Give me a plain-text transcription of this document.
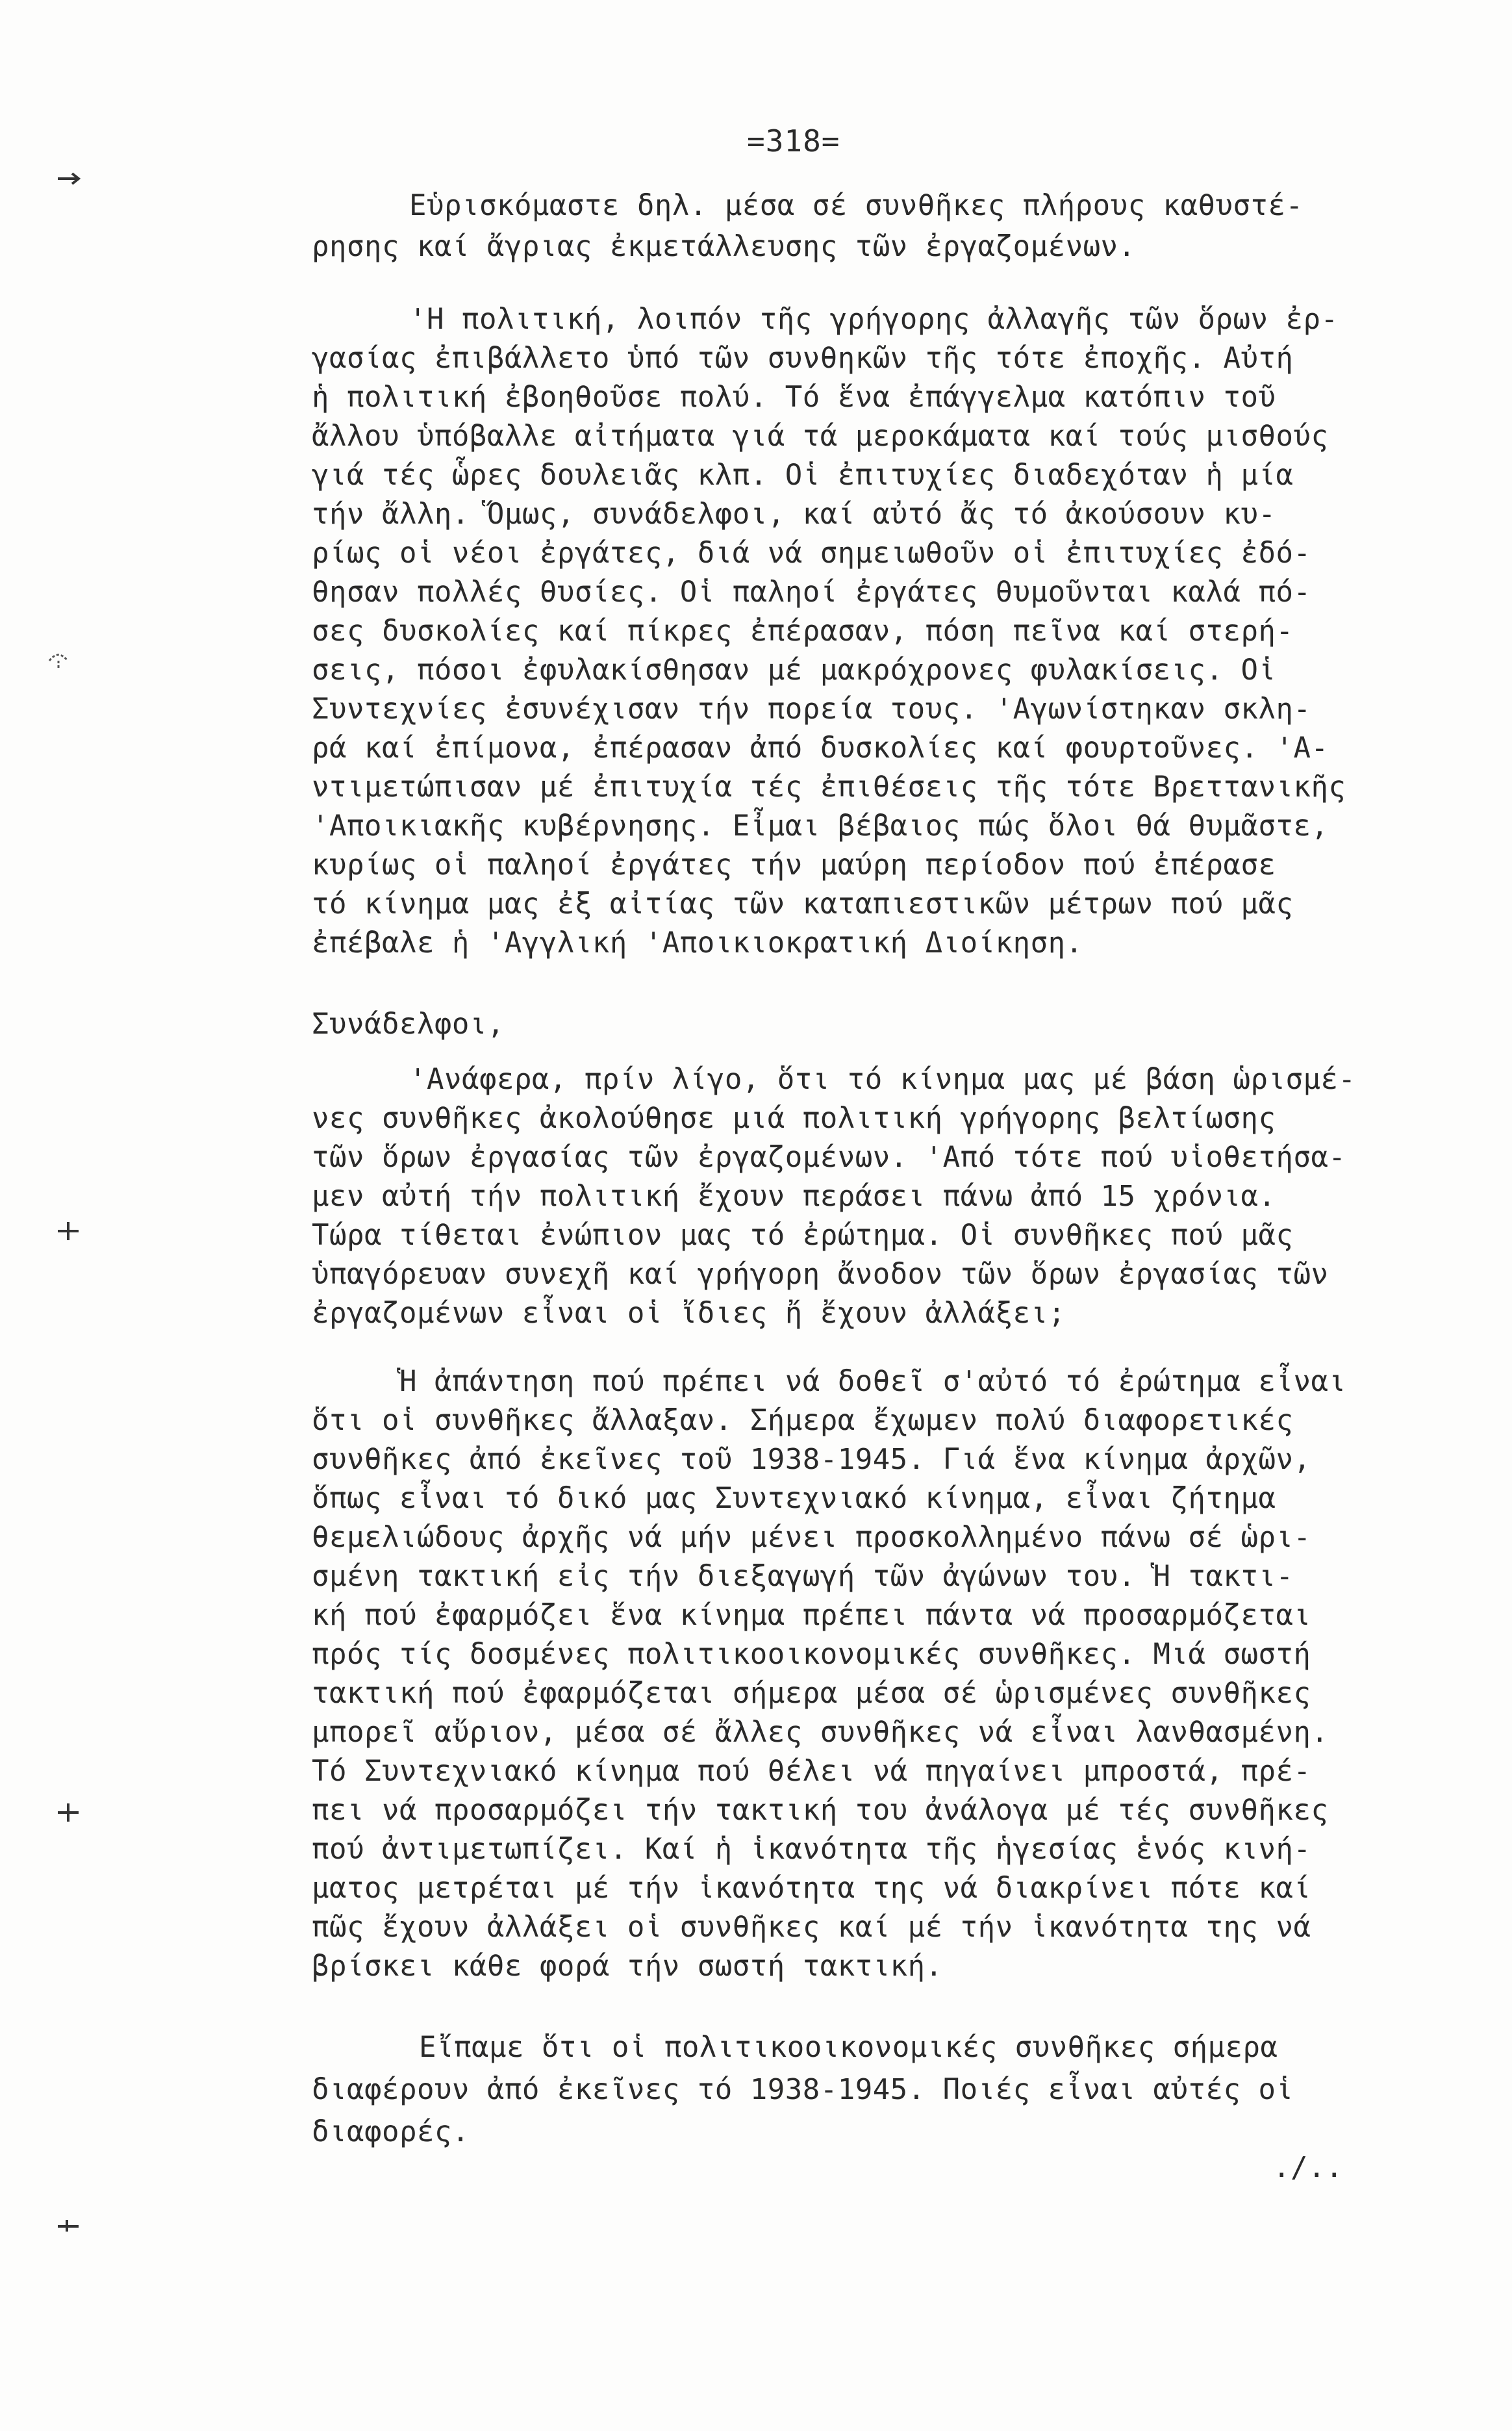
=318=
Εὑρισκόμαστε δηλ. μέσα σέ συνθῆκες πλήρους καθυστέ-
ρησης καί ἄγριας ἐκμετάλλευσης τῶν ἐργαζομένων.
'Η πολιτική, λοιπόν τῆς γρήγορης ἀλλαγῆς τῶν ὅρων ἐρ-
γασίας ἐπιβάλλετο ὑπό τῶν συνθηκῶν τῆς τότε ἐποχῆς. Αὐτή
ἡ πολιτική ἐβοηθοῦσε πολύ. Τό ἕνα ἐπάγγελμα κατόπιν τοῦ
ἄλλου ὑπόβαλλε αἰτήματα γιά τά μεροκάματα καί τούς μισθούς
γιά τές ὧρες δουλειᾶς κλπ. Οἱ ἐπιτυχίες διαδεχόταν ἡ μία
τήν ἄλλη. Ὅμως, συνάδελφοι, καί αὐτό ἄς τό ἀκούσουν κυ-
ρίως οἱ νέοι ἐργάτες, διά νά σημειωθοῦν οἱ ἐπιτυχίες ἐδό-
θησαν πολλές θυσίες. Οἱ παληοί ἐργάτες θυμοῦνται καλά πό-
σες δυσκολίες καί πίκρες ἐπέρασαν, πόση πεῖνα καί στερή-
σεις, πόσοι ἐφυλακίσθησαν μέ μακρόχρονες φυλακίσεις. Οἱ
Συντεχνίες ἐσυνέχισαν τήν πορεία τους. 'Αγωνίστηκαν σκλη-
ρά καί ἐπίμονα, ἐπέρασαν ἀπό δυσκολίες καί φουρτοῦνες. 'Α-
ντιμετώπισαν μέ ἐπιτυχία τές ἐπιθέσεις τῆς τότε Βρεττανικῆς
'Αποικιακῆς κυβέρνησης. Εἶμαι βέβαιος πώς ὅλοι θά θυμᾶστε,
κυρίως οἱ παληοί ἐργάτες τήν μαύρη περίοδον πού ἐπέρασε
τό κίνημα μας ἐξ αἰτίας τῶν καταπιεστικῶν μέτρων πού μᾶς
ἐπέβαλε ἡ 'Αγγλική 'Αποικιοκρατική Διοίκηση.
Συνάδελφοι,
'Ανάφερα, πρίν λίγο, ὅτι τό κίνημα μας μέ βάση ὡρισμέ-
νες συνθῆκες ἀκολούθησε μιά πολιτική γρήγορης βελτίωσης
τῶν ὅρων ἐργασίας τῶν ἐργαζομένων. 'Από τότε πού υἱοθετήσα-
μεν αὐτή τήν πολιτική ἔχουν περάσει πάνω ἀπό 15 χρόνια.
Τώρα τίθεται ἐνώπιον μας τό ἐρώτημα. Οἱ συνθῆκες πού μᾶς
ὑπαγόρευαν συνεχῆ καί γρήγορη ἄνοδον τῶν ὅρων ἐργασίας τῶν
ἐργαζομένων εἶναι οἱ ἴδιες ἤ ἔχουν ἀλλάξει;
Ἡ ἀπάντηση πού πρέπει νά δοθεῖ σ'αὐτό τό ἐρώτημα εἶναι
ὅτι οἱ συνθῆκες ἄλλαξαν. Σήμερα ἔχωμεν πολύ διαφορετικές
συνθῆκες ἀπό ἐκεῖνες τοῦ 1938-1945. Γιά ἕνα κίνημα ἀρχῶν,
ὅπως εἶναι τό δικό μας Συντεχνιακό κίνημα, εἶναι ζήτημα
θεμελιώδους ἀρχῆς νά μήν μένει προσκολλημένο πάνω σέ ὡρι-
σμένη τακτική εἰς τήν διεξαγωγή τῶν ἀγώνων του. Ἡ τακτι-
κή πού ἐφαρμόζει ἕνα κίνημα πρέπει πάντα νά προσαρμόζεται
πρός τίς δοσμένες πολιτικοοικονομικές συνθῆκες. Μιά σωστή
τακτική πού ἐφαρμόζεται σήμερα μέσα σέ ὡρισμένες συνθῆκες
μπορεῖ αὔριον, μέσα σέ ἄλλες συνθῆκες νά εἶναι λανθασμένη.
Τό Συντεχνιακό κίνημα πού θέλει νά πηγαίνει μπροστά, πρέ-
πει νά προσαρμόζει τήν τακτική του ἀνάλογα μέ τές συνθῆκες
πού ἀντιμετωπίζει. Καί ἡ ἱκανότητα τῆς ἡγεσίας ἑνός κινή-
ματος μετρέται μέ τήν ἱκανότητα της νά διακρίνει πότε καί
πῶς ἔχουν ἀλλάξει οἱ συνθῆκες καί μέ τήν ἱκανότητα της νά
βρίσκει κάθε φορά τήν σωστή τακτική.
Εἴπαμε ὅτι οἱ πολιτικοοικονομικές συνθῆκες σήμερα
διαφέρουν ἀπό ἐκεῖνες τό 1938-1945. Ποιές εἶναι αὐτές οἱ
διαφορές.
./..
